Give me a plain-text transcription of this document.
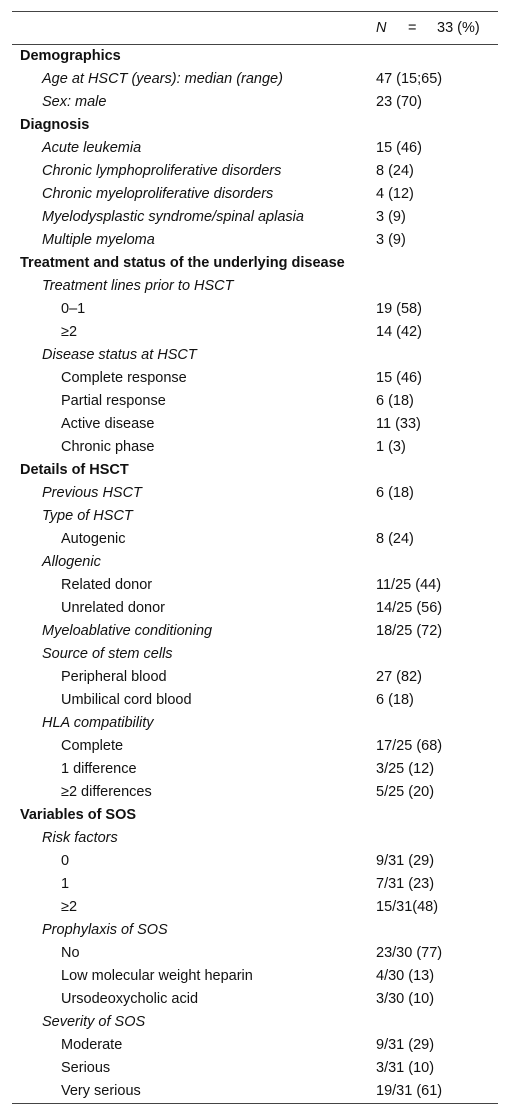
N = 33 (%)
Demographics
Age at HSCT (years): median (range)	47 (15;65)
Sex: male	23 (70)
Diagnosis
Acute leukemia	15 (46)
Chronic lymphoproliferative disorders	8 (24)
Chronic myeloproliferative disorders	4 (12)
Myelodysplastic syndrome/spinal aplasia	3 (9)
Multiple myeloma	3 (9)
Treatment and status of the underlying disease
Treatment lines prior to HSCT
0–1	19 (58)
≥2	14 (42)
Disease status at HSCT
Complete response	15 (46)
Partial response	6 (18)
Active disease	11 (33)
Chronic phase	1 (3)
Details of HSCT
Previous HSCT	6 (18)
Type of HSCT
Autogenic	8 (24)
Allogenic
Related donor	11/25 (44)
Unrelated donor	14/25 (56)
Myeloablative conditioning	18/25 (72)
Source of stem cells
Peripheral blood	27 (82)
Umbilical cord blood	6 (18)
HLA compatibility
Complete	17/25 (68)
1 difference	3/25 (12)
≥2 differences	5/25 (20)
Variables of SOS
Risk factors
0	9/31 (29)
1	7/31 (23)
≥2	15/31(48)
Prophylaxis of SOS
No	23/30 (77)
Low molecular weight heparin	4/30 (13)
Ursodeoxycholic acid	3/30 (10)
Severity of SOS
Moderate	9/31 (29)
Serious	3/31 (10)
Very serious	19/31 (61)
